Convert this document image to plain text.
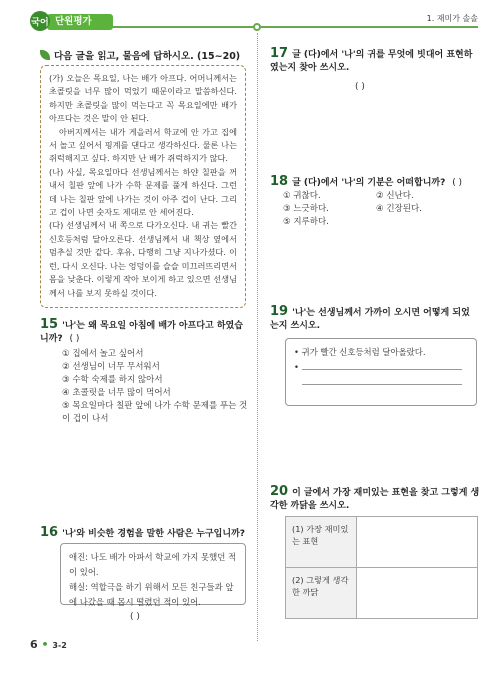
단원평가
국어	1. 재미가 솔솔
다음 글을 읽고, 물음에 답하시오. (15~20)

(가) 오늘은 목요일, 나는 배가 아프다. 어머니께서는 초콜릿을 너무 많이 먹었기 때문이라고 말씀하신다. 하지만 초콜릿을 많이 먹는다고 꼭 목요일에만 배가 아프다는 것은 말이 안 된다.

아버지께서는 내가 게을러서 학교에 안 가고 집에서 놀고 싶어서 핑계를 댄다고 생각하신다. 물론 나는 쥐럭해지고 싶다. 하지만 난 배가 쥐럭하지가 않다.

(나) 사실, 목요일마다 선생님께서는 하얀 칠판을 꺼내서 칠판 앞에 나가 수학 문제를 풀게 하신다. 그런데 나는 칠판 앞에 나가는 것이 아주 겁이 난다. 그리고 겁이 나면 숫자도 제대로 안 세어진다.

(다) 선생님께서 내 쪽으로 다가오신다. 내 귀는 빨간 신호등처럼 달아오른다. 선생님께서 내 책상 옆에서 멈추실 것만 같다. 후유, 다행히 그냥 지나가셨다. 이런, 다시 오신다. 나는 엉덩이를 슬슬 미끄러뜨리면서 몸을 낮춘다. 이렇게 작아 보이게 하고 있으면 선생님께서 나를 보지 못하실 것이다.

15 '나'는 왜 목요일 아침에 배가 아프다고 하였습니까? ( )
① 집에서 놀고 싶어서
② 선생님이 너무 무서워서
③ 수학 숙제를 하지 않아서
④ 초콜릿을 너무 많이 먹어서
⑤ 목요일마다 칠판 앞에 나가 수학 문제를 푸는 것이 겁이 나서
16 '나'와 비슷한 경험을 말한 사람은 누구입니까?
애진: 나도 배가 아파서 학교에 가지 못했던 적이 있어.
해실: 역할극을 하기 위해서 모든 친구들과 앞에 나갔을 때 몹시 떨렸던 적이 있어.
( )
17 글 (다)에서 '나'의 귀를 무엇에 빗대어 표현하였는지 찾아 쓰시오.
( )
18 글 (다)에서 '나'의 기분은 어떠합니까? ( )
① 귀찮다.
③ 느긋하다.
⑤ 지루하다.
② 신난다.
④ 긴장된다.
19 '나'는 선생님께서 가까이 오시면 어떻게 되었는지 쓰시오.
• 귀가 빨간 신호등처럼 달아올랐다.
•
20 이 글에서 가장 재미있는 표현을 찾고 그렇게 생각한 까닭을 쓰시오.
(1) 가장 재미있는 표현
(2) 그렇게 생각한 까닭
6 • 3-2
